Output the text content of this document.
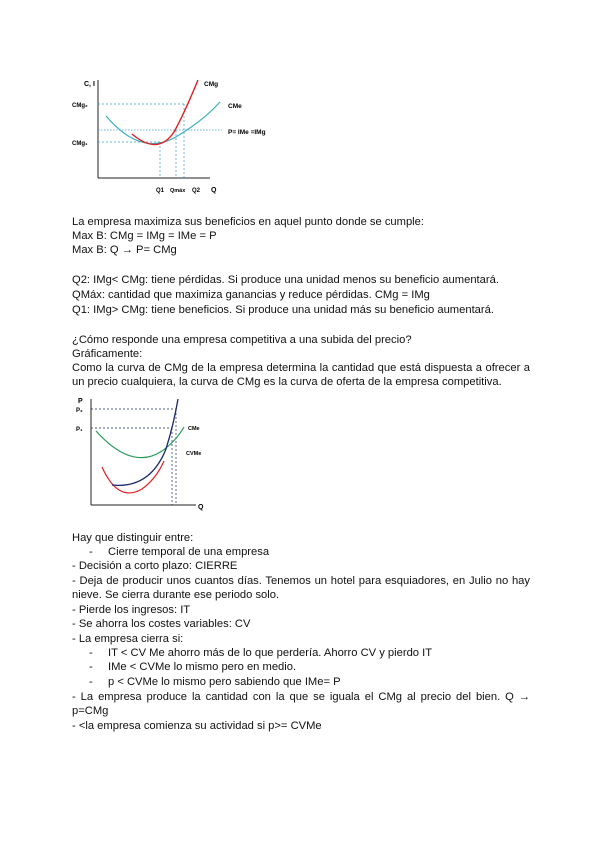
C, I
Q
CMg₂
CMg₁
CMg
CMe
P= IMe =IMg
Q1 Qmáx Q2
La empresa maximiza sus beneficios en aquel punto donde se cumple:
Max B: CMg = IMg = IMe = P
Max B: Q → P= CMg
Q2: IMg< CMg: tiene pérdidas. Si produce una unidad menos su beneficio aumentará.
QMáx: cantidad que maximiza ganancias y reduce pérdidas. CMg = IMg
Q1: IMg> CMg: tiene beneficios. Si produce una unidad más su beneficio aumentará.
¿Cómo responde una empresa competitiva a una subida del precio?
Gráficamente:
Como la curva de CMg de la empresa determina la cantidad que está dispuesta a ofrecer a un precio cualquiera, la curva de CMg es la curva de oferta de la empresa competitiva.
P
Q
P₂
P₁	CMe
CVMe
Hay que distinguir entre:
- Cierre temporal de una empresa
- Decisión a corto plazo: CIERRE
- Deja de producir unos cuantos días. Tenemos un hotel para esquiadores, en Julio no hay nieve. Se cierra durante ese periodo solo.
- Pierde los ingresos: IT
- Se ahorra los costes variables: CV
- La empresa cierra si:
- IT < CV Me ahorro más de lo que perdería. Ahorro CV y pierdo IT
- IMe < CVMe lo mismo pero en medio.
- p < CVMe lo mismo pero sabiendo que IMe= P
- La empresa produce la cantidad con la que se iguala el CMg al precio del bien. Q → p=CMg
- <la empresa comienza su actividad si p>= CVMe
